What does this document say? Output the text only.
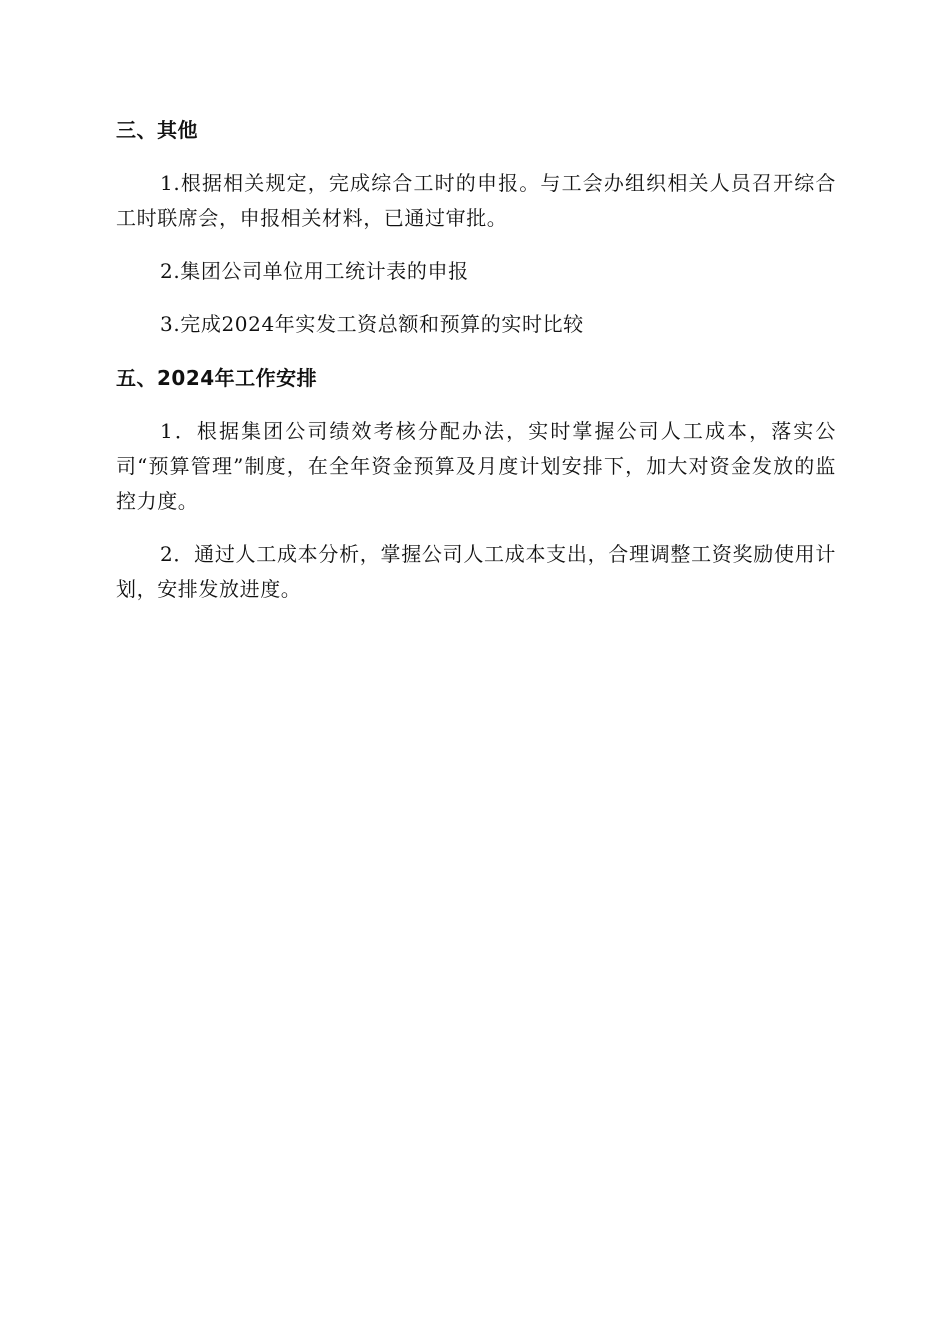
三、其他

1.根据相关规定，完成综合工时的申报。与工会办组织相关人员召开综合工时联席会，申报相关材料，已通过审批。

2.集团公司单位用工统计表的申报

3.完成2024年实发工资总额和预算的实时比较

五、2024年工作安排

1．根据集团公司绩效考核分配办法，实时掌握公司人工成本，落实公司“预算管理”制度，在全年资金预算及月度计划安排下，加大对资金发放的监控力度。

2．通过人工成本分析，掌握公司人工成本支出，合理调整工资奖励使用计划，安排发放进度。
